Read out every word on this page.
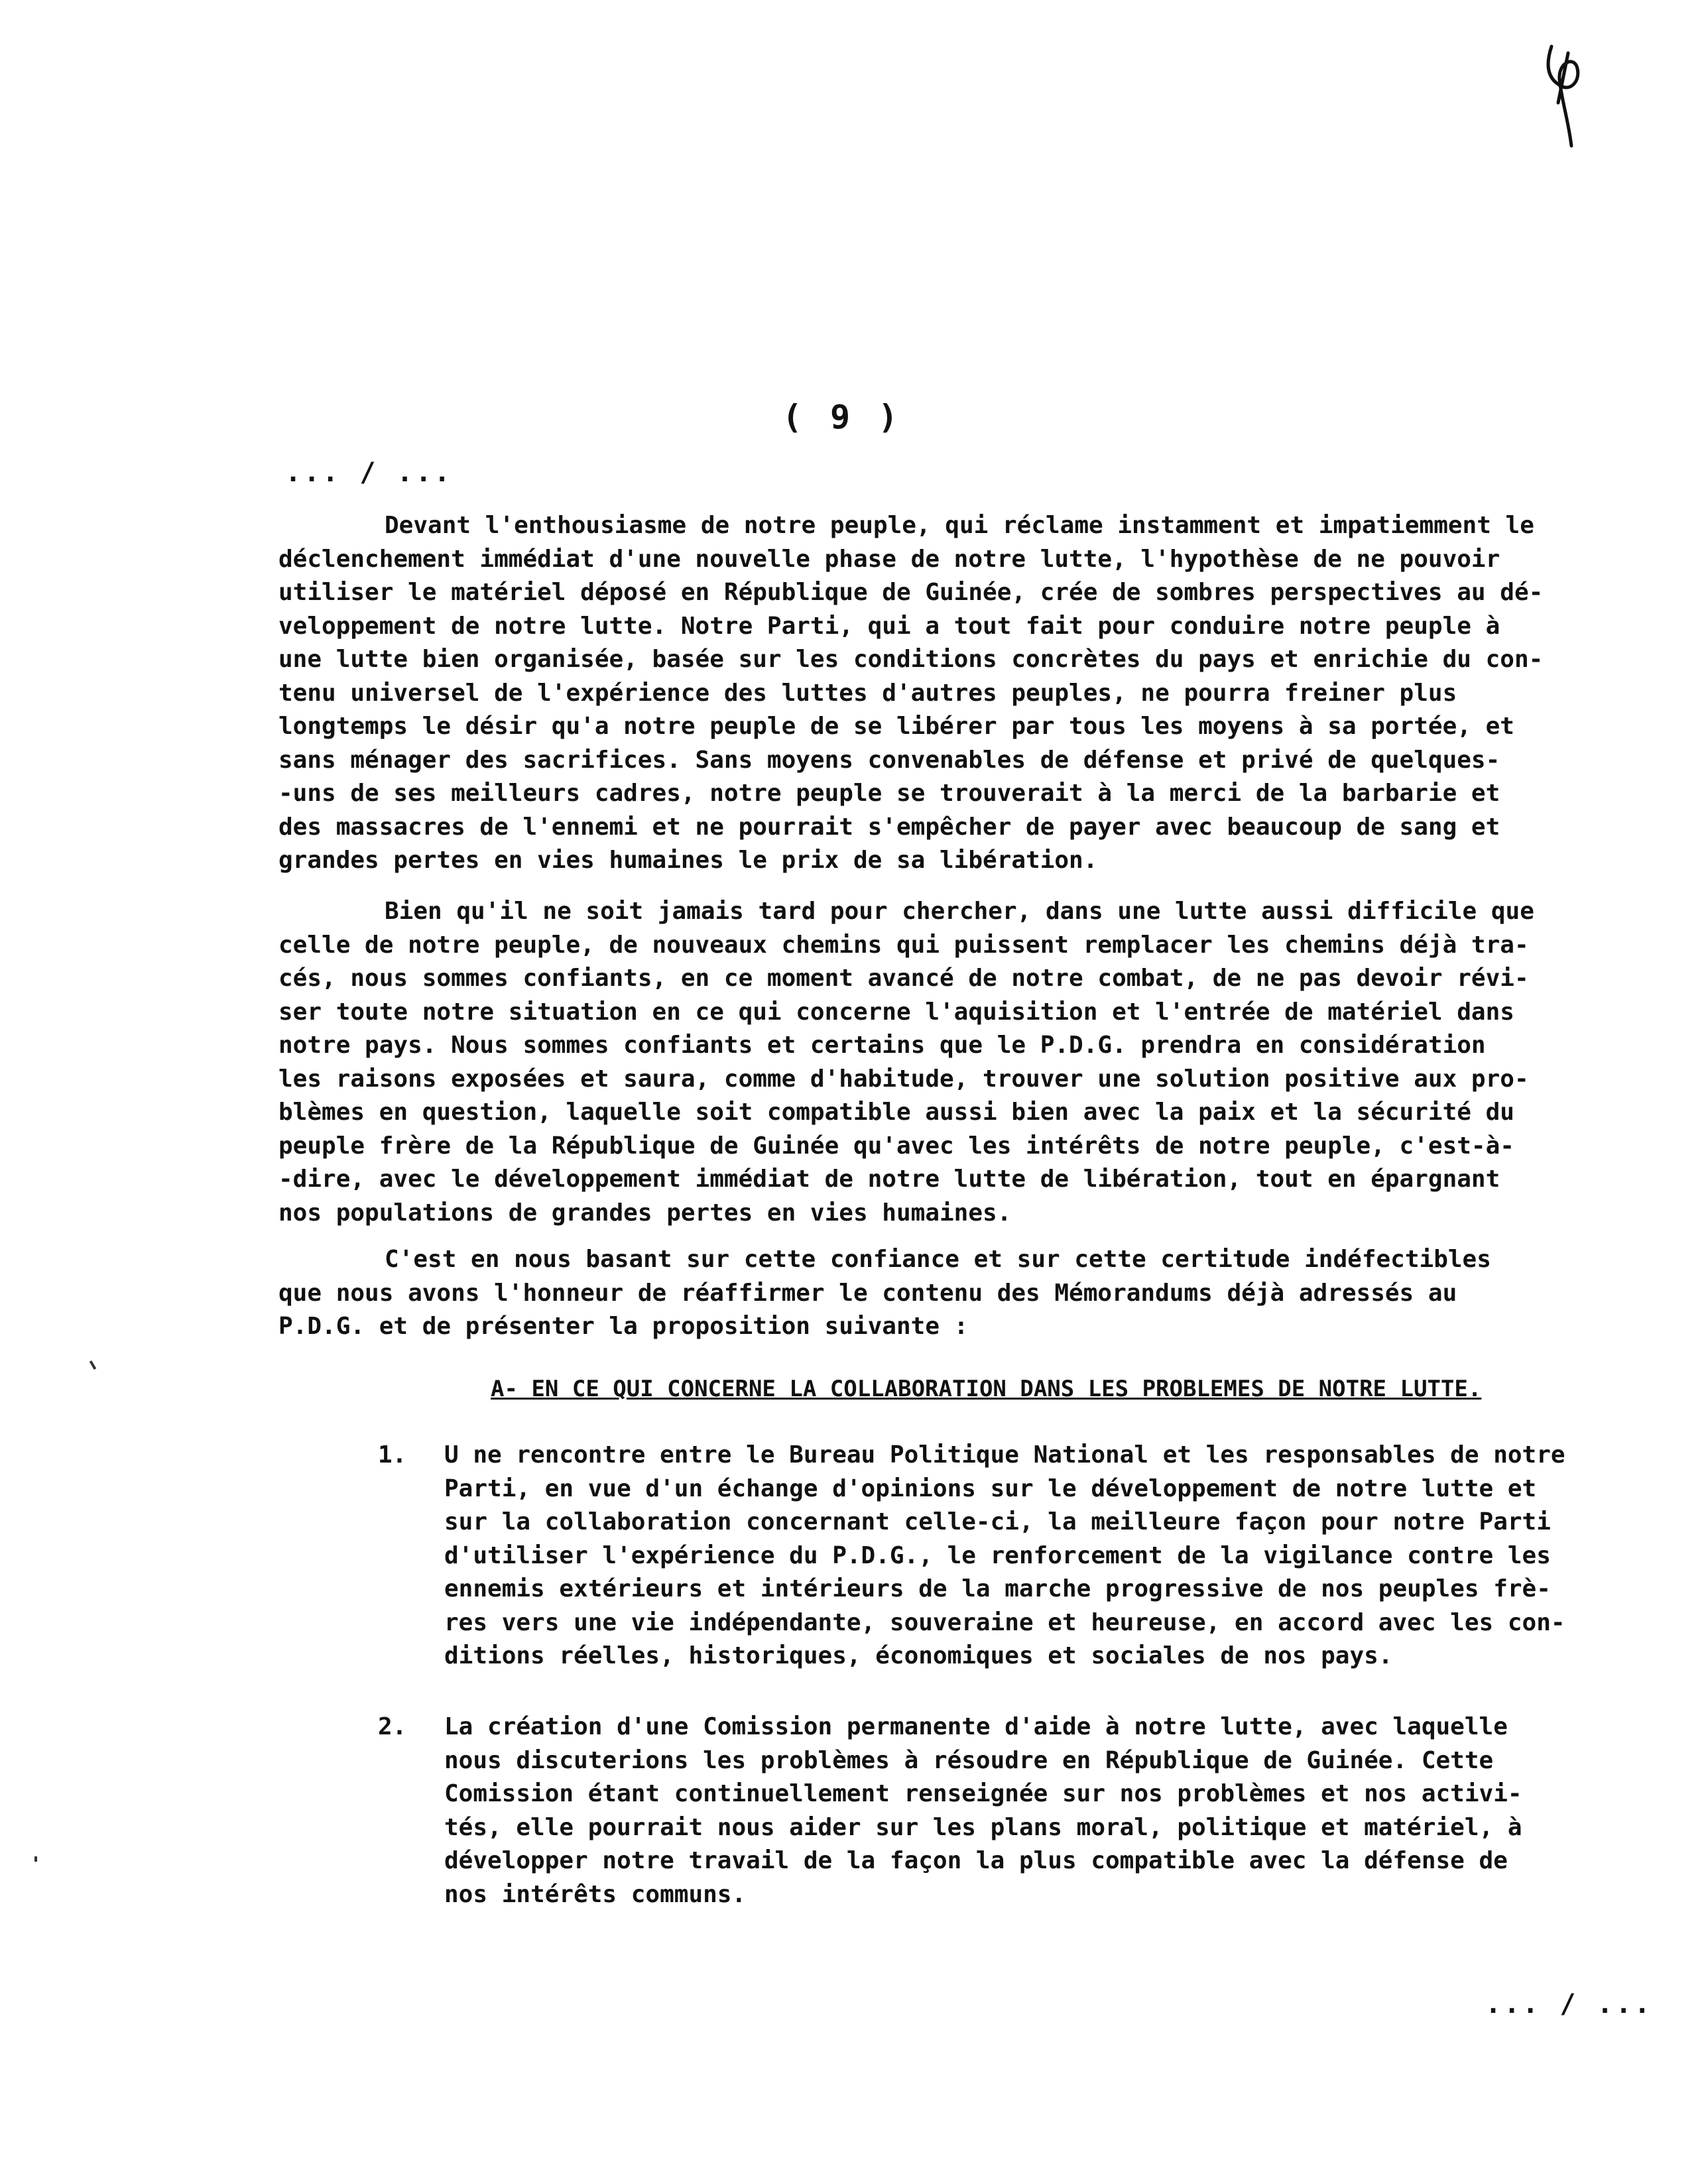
( 9 )
... / ...
Devant l'enthousiasme de notre peuple, qui réclame instamment et impatiemment le
déclenchement immédiat d'une nouvelle phase de notre lutte, l'hypothèse de ne pouvoir
utiliser le matériel déposé en République de Guinée, crée de sombres perspectives au dé-
veloppement de notre lutte. Notre Parti, qui a tout fait pour conduire notre peuple à
une lutte bien organisée, basée sur les conditions concrètes du pays et enrichie du con-
tenu universel de l'expérience des luttes d'autres peuples, ne pourra freiner plus
longtemps le désir qu'a notre peuple de se libérer par tous les moyens à sa portée, et
sans ménager des sacrifices. Sans moyens convenables de défense et privé de quelques-
-uns de ses meilleurs cadres, notre peuple se trouverait à la merci de la barbarie et
des massacres de l'ennemi et ne pourrait s'empêcher de payer avec beaucoup de sang et
grandes pertes en vies humaines le prix de sa libération.
Bien qu'il ne soit jamais tard pour chercher, dans une lutte aussi difficile que
celle de notre peuple, de nouveaux chemins qui puissent remplacer les chemins déjà tra-
cés, nous sommes confiants, en ce moment avancé de notre combat, de ne pas devoir révi-
ser toute notre situation en ce qui concerne l'aquisition et l'entrée de matériel dans
notre pays. Nous sommes confiants et certains que le P.D.G. prendra en considération
les raisons exposées et saura, comme d'habitude, trouver une solution positive aux pro-
blèmes en question, laquelle soit compatible aussi bien avec la paix et la sécurité du
peuple frère de la République de Guinée qu'avec les intérêts de notre peuple, c'est-à-
-dire, avec le développement immédiat de notre lutte de libération, tout en épargnant
nos populations de grandes pertes en vies humaines.
C'est en nous basant sur cette confiance et sur cette certitude indéfectibles
que nous avons l'honneur de réaffirmer le contenu des Mémorandums déjà adressés au
P.D.G. et de présenter la proposition suivante :
A- EN CE QUI CONCERNE LA COLLABORATION DANS LES PROBLEMES DE NOTRE LUTTE.
1.	U ne rencontre entre le Bureau Politique National et les responsables de notre
Parti, en vue d'un échange d'opinions sur le développement de notre lutte et
sur la collaboration concernant celle-ci, la meilleure façon pour notre Parti
d'utiliser l'expérience du P.D.G., le renforcement de la vigilance contre les
ennemis extérieurs et intérieurs de la marche progressive de nos peuples frè-
res vers une vie indépendante, souveraine et heureuse, en accord avec les con-
ditions réelles, historiques, économiques et sociales de nos pays.
2.	La création d'une Comission permanente d'aide à notre lutte, avec laquelle
nous discuterions les problèmes à résoudre en République de Guinée. Cette
Comission étant continuellement renseignée sur nos problèmes et nos activi-
tés, elle pourrait nous aider sur les plans moral, politique et matériel, à
développer notre travail de la façon la plus compatible avec la défense de
nos intérêts communs.
... / ...
